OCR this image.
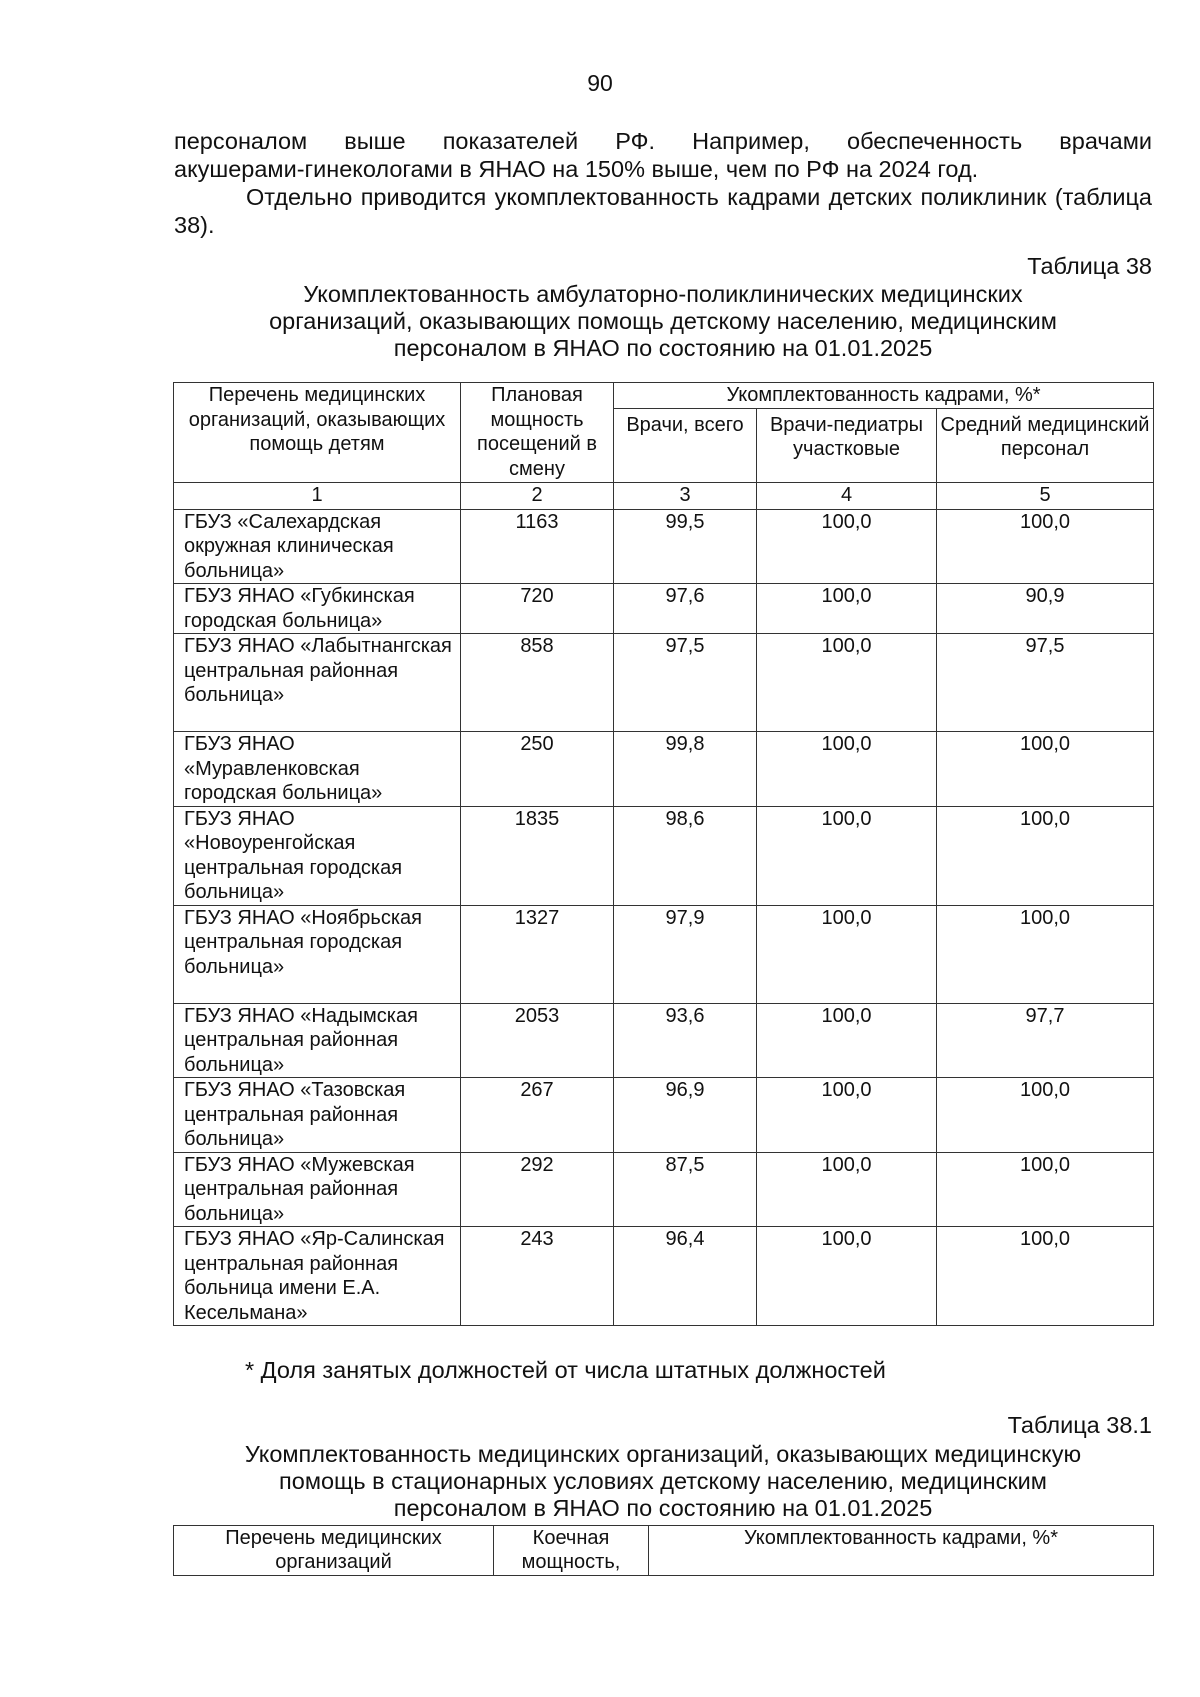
90
персоналом выше показателей РФ. Например, обеспеченность врачами
акушерами-гинекологами в ЯНАО на 150% выше, чем по РФ на 2024 год.
Отдельно приводится укомплектованность кадрами детских поликлиник (таблица 38).
Таблица 38
Укомплектованность амбулаторно-поликлинических медицинских
организаций, оказывающих помощь детскому населению, медицинским
персоналом в ЯНАО по состоянию на 01.01.2025
Перечень медицинских организаций, оказывающих помощь детям	Плановая мощность посещений в смену	Укомплектованность кадрами, %*		
		Врачи, всего	Врачи-педиатры участковые	Средний медицинский персонал
1	2	3	4	5
ГБУЗ «Салехардская окружная клиническая больница»	1163	99,5	100,0	100,0
ГБУЗ ЯНАО «Губкинская городская больница»	720	97,6	100,0	90,9
ГБУЗ ЯНАО «Лабытнангская центральная районная больница»	858	97,5	100,0	97,5
ГБУЗ ЯНАО «Муравленковская городская больница»	250	99,8	100,0	100,0
ГБУЗ ЯНАО «Новоуренгойская центральная городская больница»	1835	98,6	100,0	100,0
ГБУЗ ЯНАО «Ноябрьская центральная городская больница»	1327	97,9	100,0	100,0
ГБУЗ ЯНАО «Надымская центральная районная больница»	2053	93,6	100,0	97,7
ГБУЗ ЯНАО «Тазовская центральная районная больница»	267	96,9	100,0	100,0
ГБУЗ ЯНАО «Мужевская центральная районная больница»	292	87,5	100,0	100,0
ГБУЗ ЯНАО «Яр-Салинская центральная районная больница имени Е.А. Кесельмана»	243	96,4	100,0	100,0
* Доля занятых должностей от числа штатных должностей
Таблица 38.1
Укомплектованность медицинских организаций, оказывающих медицинскую
помощь в стационарных условиях детскому населению, медицинским
персоналом в ЯНАО по состоянию на 01.01.2025
Перечень медицинских организаций	Коечная мощность,	Укомплектованность кадрами, %*
